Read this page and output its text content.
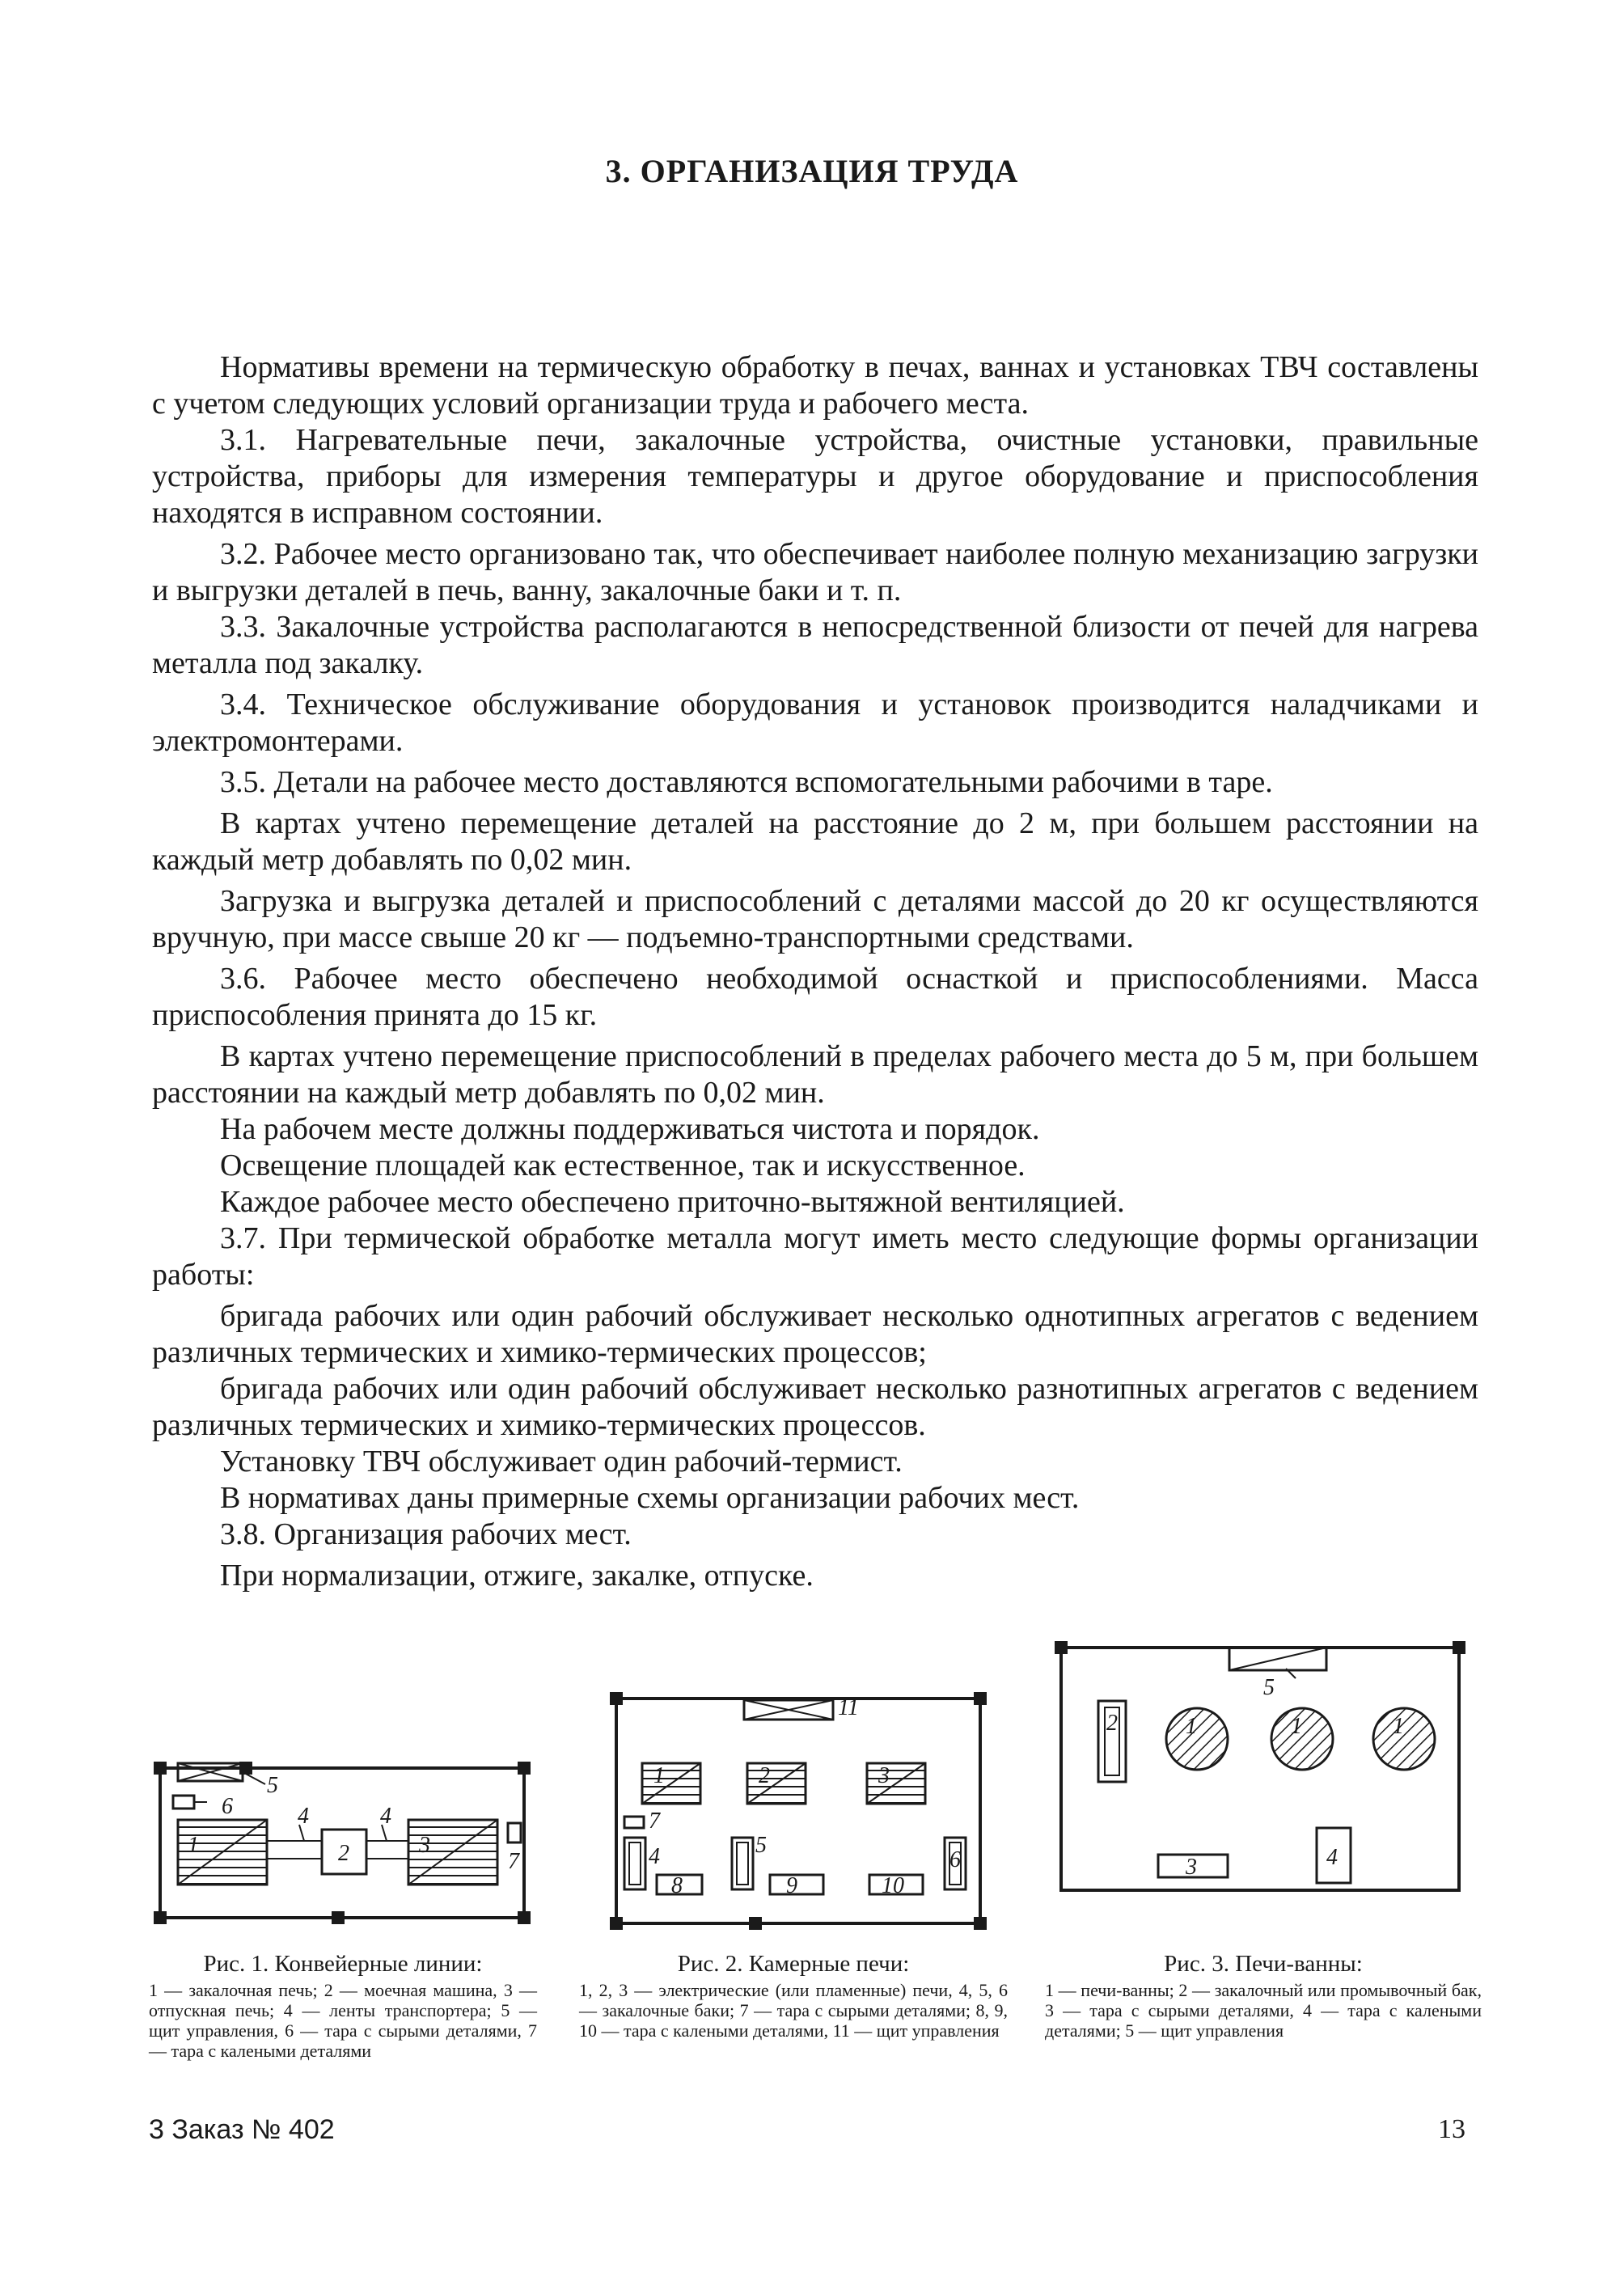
3. ОРГАНИЗАЦИЯ ТРУДА

Нормативы времени на термическую обработку в печах, ваннах и установках ТВЧ составлены с учетом следующих условий организации труда и рабочего места.

3.1. Нагревательные печи, закалочные устройства, очистные установки, правильные устройства, приборы для измерения температуры и другое оборудование и приспособления находятся в исправном состоянии.

3.2. Рабочее место организовано так, что обеспечивает наиболее полную механизацию загрузки и выгрузки деталей в печь, ванну, закалочные баки и т. п.

3.3. Закалочные устройства располагаются в непосредственной близости от печей для нагрева металла под закалку.

3.4. Техническое обслуживание оборудования и установок производится наладчиками и электромонтерами.

3.5. Детали на рабочее место доставляются вспомогательными рабочими в таре.

В картах учтено перемещение деталей на расстояние до 2 м, при большем расстоянии на каждый метр добавлять по 0,02 мин.

Загрузка и выгрузка деталей и приспособлений с деталями массой до 20 кг осуществляются вручную, при массе свыше 20 кг — подъемно-транспортными средствами.

3.6. Рабочее место обеспечено необходимой оснасткой и приспособлениями. Масса приспособления принята до 15 кг.

В картах учтено перемещение приспособлений в пределах рабочего места до 5 м, при большем расстоянии на каждый метр добавлять по 0,02 мин.

На рабочем месте должны поддерживаться чистота и порядок.

Освещение площадей как естественное, так и искусственное.

Каждое рабочее место обеспечено приточно-вытяжной вентиляцией.

3.7. При термической обработке металла могут иметь место следующие формы организации работы:

бригада рабочих или один рабочий обслуживает несколько однотипных агрегатов с ведением различных термических и химико-термических процессов;

бригада рабочих или один рабочий обслуживает несколько разнотипных агрегатов с ведением различных термических и химико-термических процессов.

Установку ТВЧ обслуживает один рабочий-термист.

В нормативах даны примерные схемы организации рабочих мест.

3.8. Организация рабочих мест.

При нормализации, отжиге, закалке, отпуске.

1	2	3
4	4
5
6
7
1	2	3
4	5
6
7
8	9	10
11
1	1	1
2
3	4
5
Рис. 1. Конвейерные линии:
1 — закалочная печь; 2 — моечная машина, 3 — отпускная печь; 4 — ленты транспортера; 5 — щит управления, 6 — тара с сырыми деталями, 7 — тара с калеными деталями
Рис. 2. Камерные печи:
1, 2, 3 — электрические (или пламенные) печи, 4, 5, 6 — закалочные баки; 7 — тара с сырыми деталями; 8, 9, 10 — тара с калеными деталями, 11 — щит управления
Рис. 3. Печи-ванны:
1 — печи-ванны; 2 — закалочный или промывочный бак, 3 — тара с сырыми деталями, 4 — тара с калеными деталями; 5 — щит управления
3 Заказ № 402	13
